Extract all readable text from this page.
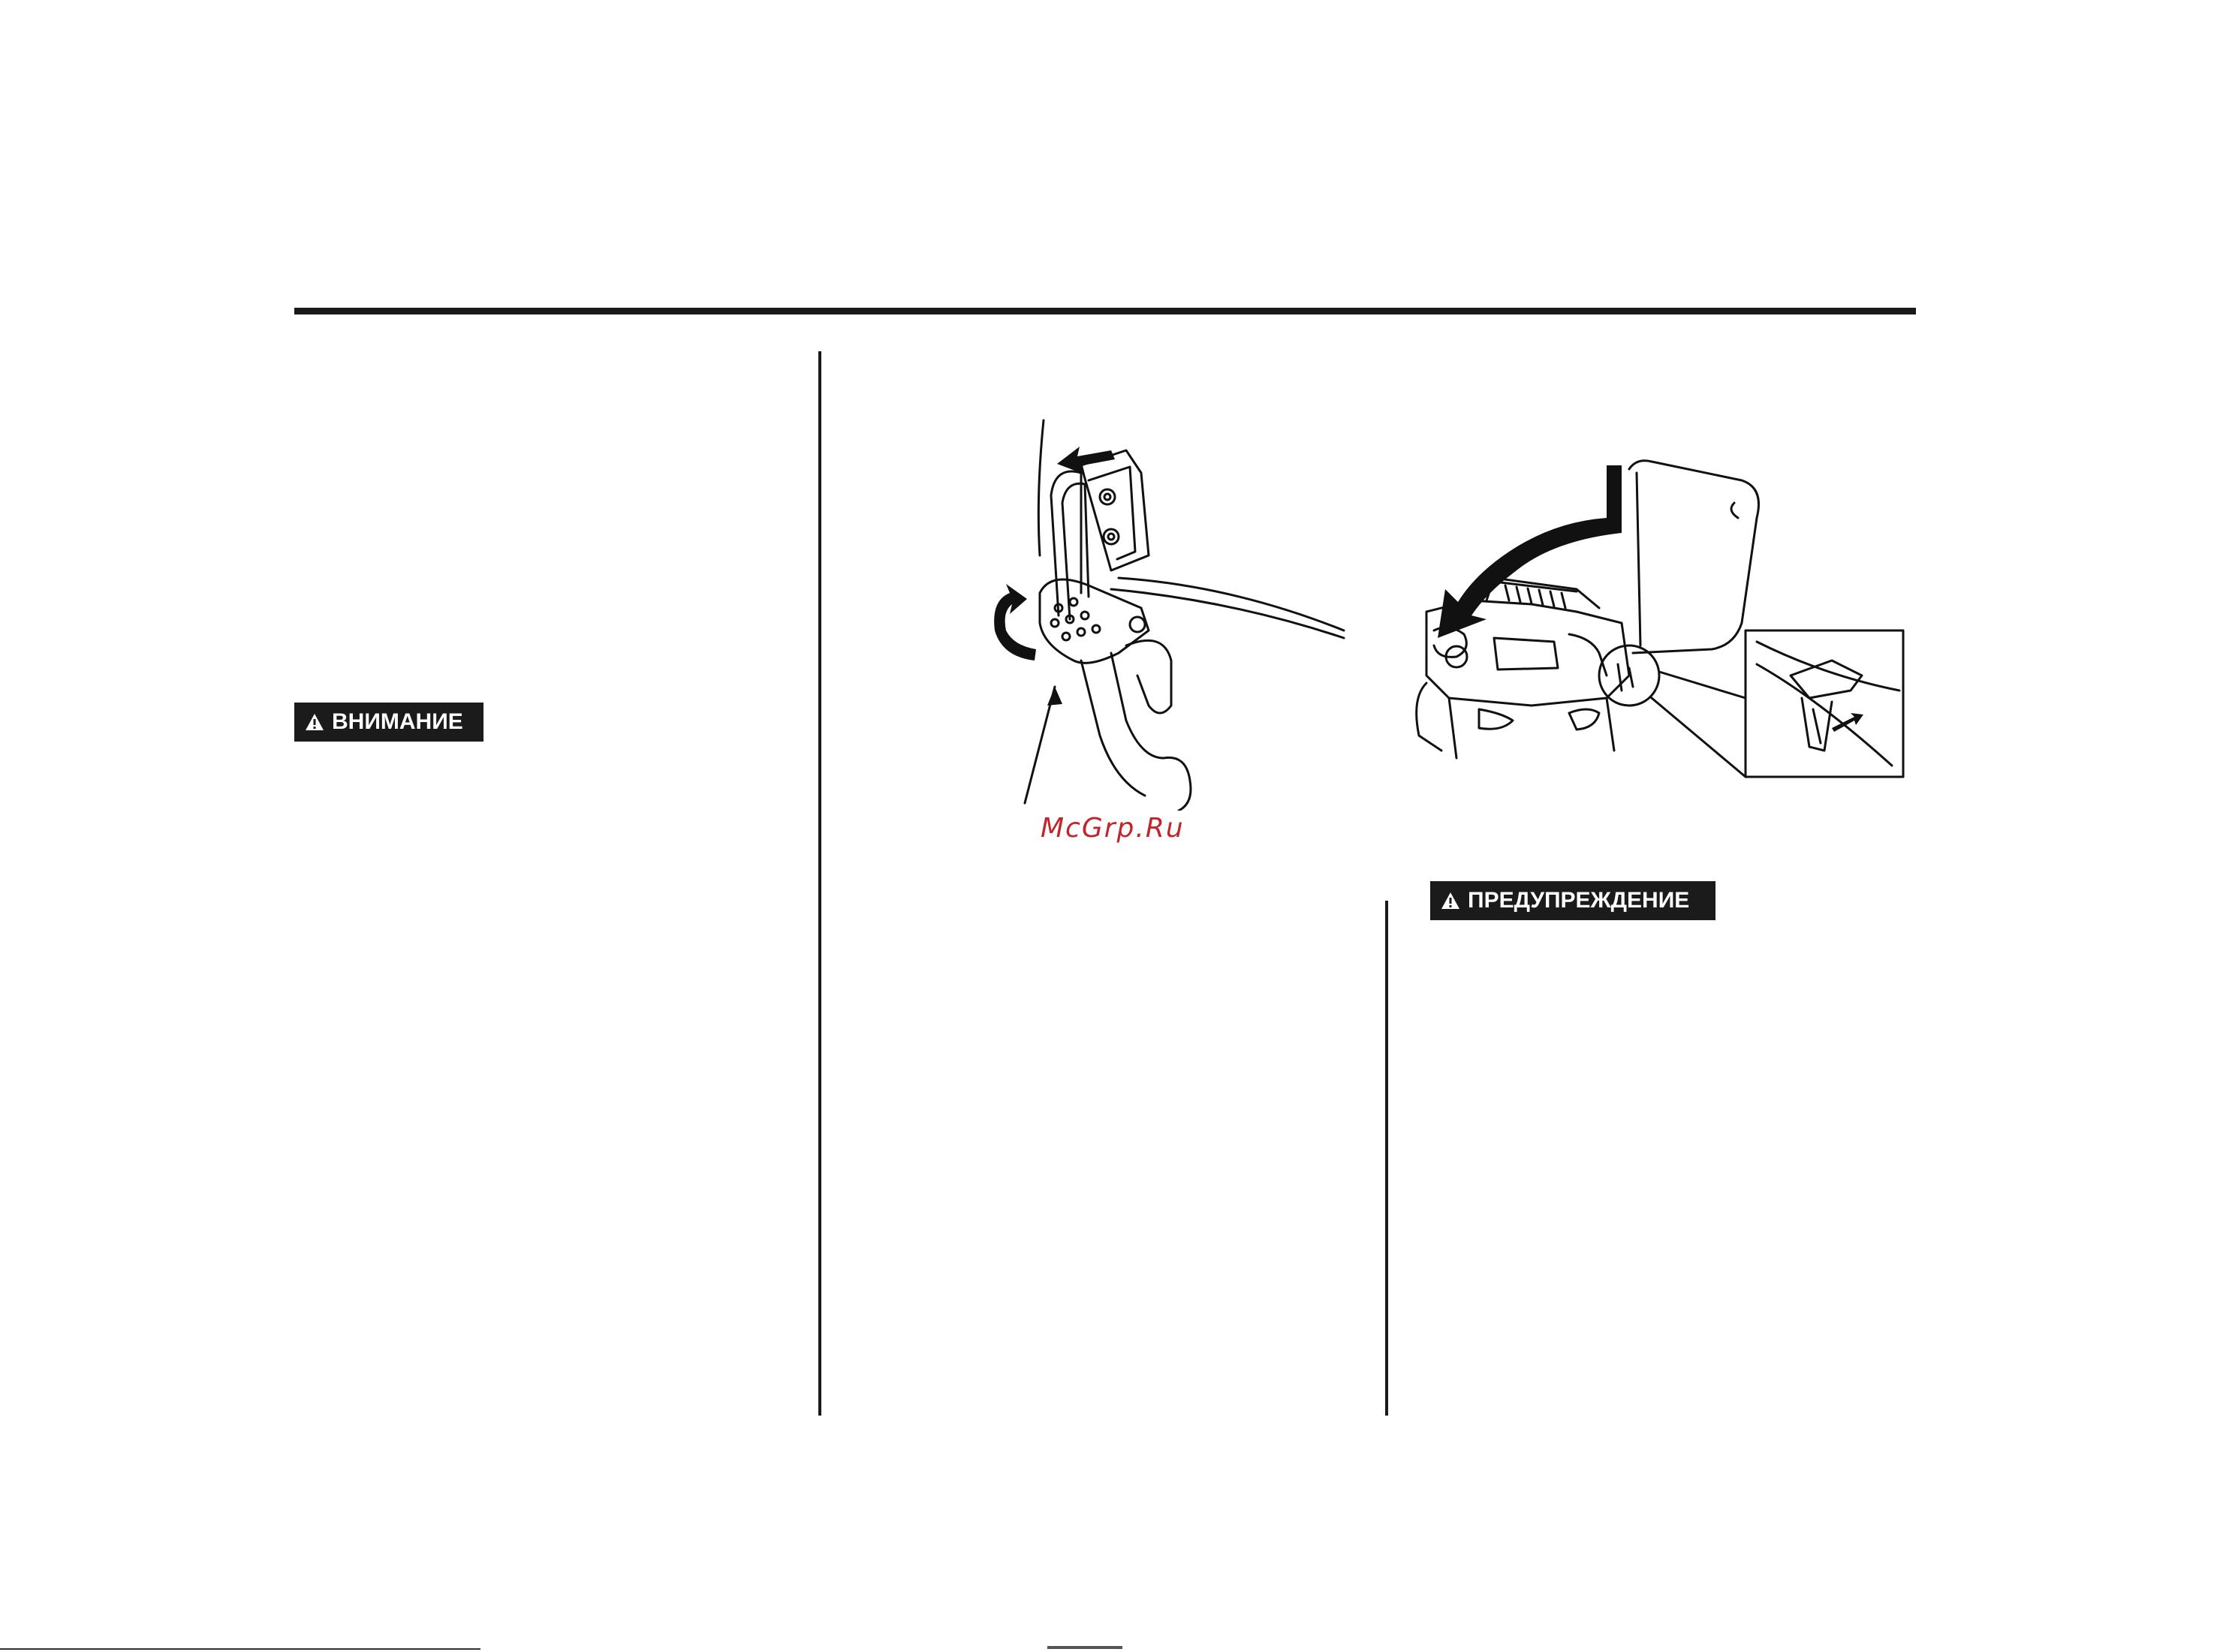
ВНИМАНИЕ
ПРЕДУПРЕЖДЕНИЕ
McGrp.Ru
